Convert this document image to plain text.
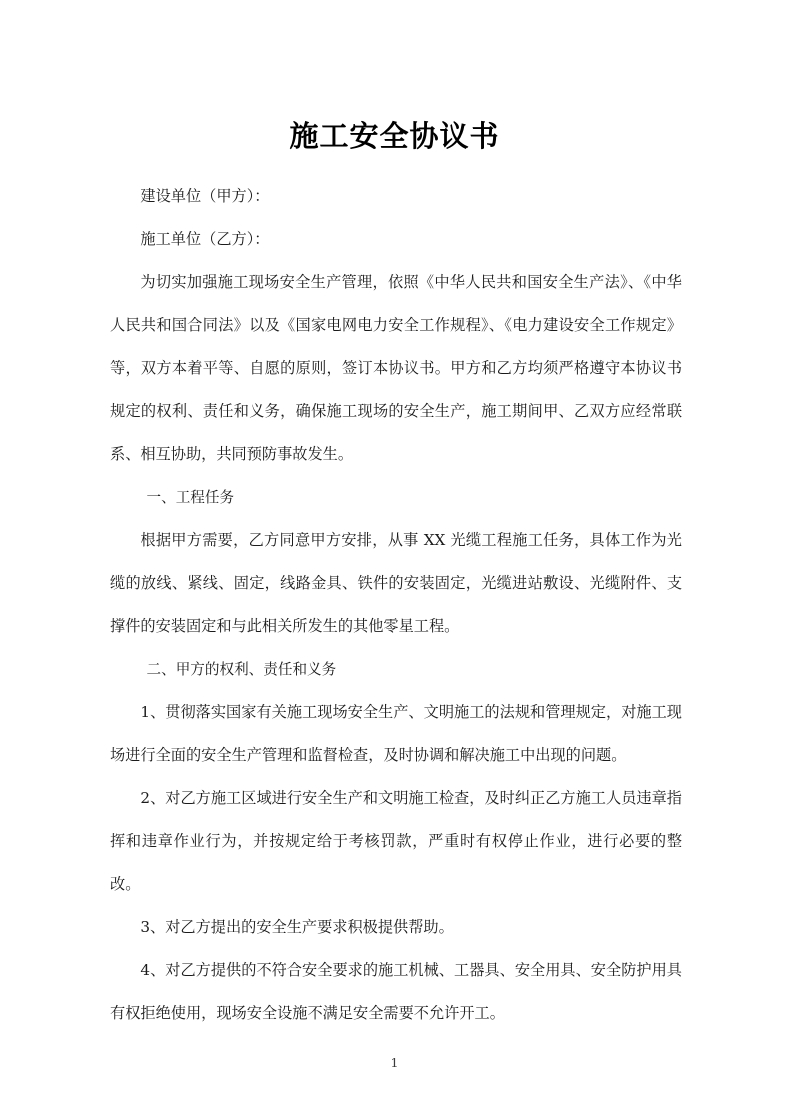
施工安全协议书

建设单位（甲方）：

施工单位（乙方）：

为切实加强施工现场安全生产管理，依照《中华人民共和国安全生产法》、《中华人民共和国合同法》以及《国家电网电力安全工作规程》、《电力建设安全工作规定》等，双方本着平等、自愿的原则，签订本协议书。甲方和乙方均须严格遵守本协议书规定的权利、责任和义务，确保施工现场的安全生产，施工期间甲、乙双方应经常联系、相互协助，共同预防事故发生。

一、工程任务

根据甲方需要，乙方同意甲方安排，从事 XX 光缆工程施工任务，具体工作为光缆的放线、紧线、固定，线路金具、铁件的安装固定，光缆进站敷设、光缆附件、支撑件的安装固定和与此相关所发生的其他零星工程。

二、甲方的权利、责任和义务

1、贯彻落实国家有关施工现场安全生产、文明施工的法规和管理规定，对施工现场进行全面的安全生产管理和监督检查，及时协调和解决施工中出现的问题。

2、对乙方施工区域进行安全生产和文明施工检查，及时纠正乙方施工人员违章指挥和违章作业行为，并按规定给于考核罚款，严重时有权停止作业，进行必要的整改。

3、对乙方提出的安全生产要求积极提供帮助。

4、对乙方提供的不符合安全要求的施工机械、工器具、安全用具、安全防护用具有权拒绝使用，现场安全设施不满足安全需要不允许开工。

1
